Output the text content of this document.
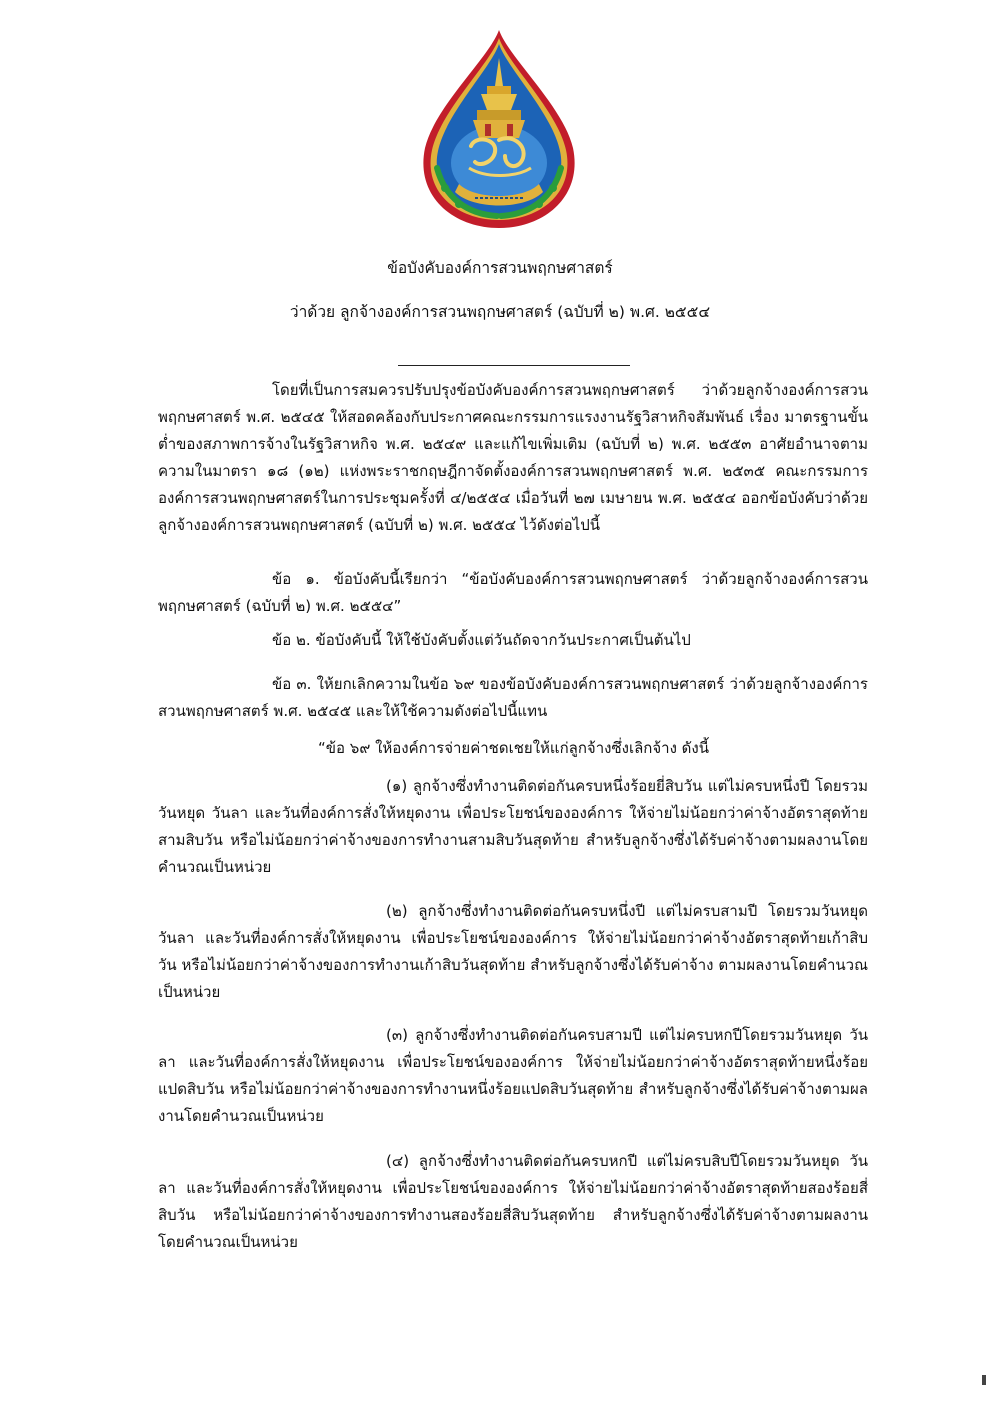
ข้อบังคับองค์การสวนพฤกษศาสตร์
ว่าด้วย ลูกจ้างองค์การสวนพฤกษศาสตร์ (ฉบับที่ ๒) พ.ศ. ๒๕๕๔

โดยที่เป็นการสมควรปรับปรุงข้อบังคับองค์การสวนพฤกษศาสตร์ ว่าด้วยลูกจ้างองค์การสวนพฤกษศาสตร์ พ.ศ. ๒๕๔๕ ให้สอดคล้องกับประกาศคณะกรรมการแรงงานรัฐวิสาหกิจสัมพันธ์ เรื่อง มาตรฐานขั้นต่ำของสภาพการจ้างในรัฐวิสาหกิจ พ.ศ. ๒๕๔๙ และแก้ไขเพิ่มเติม (ฉบับที่ ๒) พ.ศ. ๒๕๕๓ อาศัยอำนาจตามความในมาตรา ๑๘ (๑๒) แห่งพระราชกฤษฎีกาจัดตั้งองค์การสวนพฤกษศาสตร์ พ.ศ. ๒๕๓๕ คณะกรรมการองค์การสวนพฤกษศาสตร์ในการประชุมครั้งที่ ๔/๒๕๕๔ เมื่อวันที่ ๒๗ เมษายน พ.ศ. ๒๕๕๔ ออกข้อบังคับว่าด้วยลูกจ้างองค์การสวนพฤกษศาสตร์ (ฉบับที่ ๒) พ.ศ. ๒๕๕๔ ไว้ดังต่อไปนี้

ข้อ ๑. ข้อบังคับนี้เรียกว่า “ข้อบังคับองค์การสวนพฤกษศาสตร์ ว่าด้วยลูกจ้างองค์การสวนพฤกษศาสตร์ (ฉบับที่ ๒) พ.ศ. ๒๕๕๔”

ข้อ ๒. ข้อบังคับนี้ ให้ใช้บังคับตั้งแต่วันถัดจากวันประกาศเป็นต้นไป

ข้อ ๓. ให้ยกเลิกความในข้อ ๖๙ ของข้อบังคับองค์การสวนพฤกษศาสตร์ ว่าด้วยลูกจ้างองค์การสวนพฤกษศาสตร์ พ.ศ. ๒๕๔๕ และให้ใช้ความดังต่อไปนี้แทน

“ข้อ ๖๙ ให้องค์การจ่ายค่าชดเชยให้แก่ลูกจ้างซึ่งเลิกจ้าง ดังนี้

(๑) ลูกจ้างซึ่งทำงานติดต่อกันครบหนึ่งร้อยยี่สิบวัน แต่ไม่ครบหนึ่งปี โดยรวมวันหยุด วันลา และวันที่องค์การสั่งให้หยุดงาน เพื่อประโยชน์ขององค์การ ให้จ่ายไม่น้อยกว่าค่าจ้างอัตราสุดท้ายสามสิบวัน หรือไม่น้อยกว่าค่าจ้างของการทำงานสามสิบวันสุดท้าย สำหรับลูกจ้างซึ่งได้รับค่าจ้างตามผลงานโดยคำนวณเป็นหน่วย

(๒) ลูกจ้างซึ่งทำงานติดต่อกันครบหนึ่งปี แต่ไม่ครบสามปี โดยรวมวันหยุด วันลา และวันที่องค์การสั่งให้หยุดงาน เพื่อประโยชน์ขององค์การ ให้จ่ายไม่น้อยกว่าค่าจ้างอัตราสุดท้ายเก้าสิบวัน หรือไม่น้อยกว่าค่าจ้างของการทำงานเก้าสิบวันสุดท้าย สำหรับลูกจ้างซึ่งได้รับค่าจ้าง ตามผลงานโดยคำนวณเป็นหน่วย

(๓) ลูกจ้างซึ่งทำงานติดต่อกันครบสามปี แต่ไม่ครบหกปีโดยรวมวันหยุด วันลา และวันที่องค์การสั่งให้หยุดงาน เพื่อประโยชน์ขององค์การ ให้จ่ายไม่น้อยกว่าค่าจ้างอัตราสุดท้ายหนึ่งร้อยแปดสิบวัน หรือไม่น้อยกว่าค่าจ้างของการทำงานหนึ่งร้อยแปดสิบวันสุดท้าย สำหรับลูกจ้างซึ่งได้รับค่าจ้างตามผลงานโดยคำนวณเป็นหน่วย

(๔) ลูกจ้างซึ่งทำงานติดต่อกันครบหกปี แต่ไม่ครบสิบปีโดยรวมวันหยุด วันลา และวันที่องค์การสั่งให้หยุดงาน เพื่อประโยชน์ขององค์การ ให้จ่ายไม่น้อยกว่าค่าจ้างอัตราสุดท้ายสองร้อยสี่สิบวัน หรือไม่น้อยกว่าค่าจ้างของการทำงานสองร้อยสี่สิบวันสุดท้าย สำหรับลูกจ้างซึ่งได้รับค่าจ้างตามผลงานโดยคำนวณเป็นหน่วย
